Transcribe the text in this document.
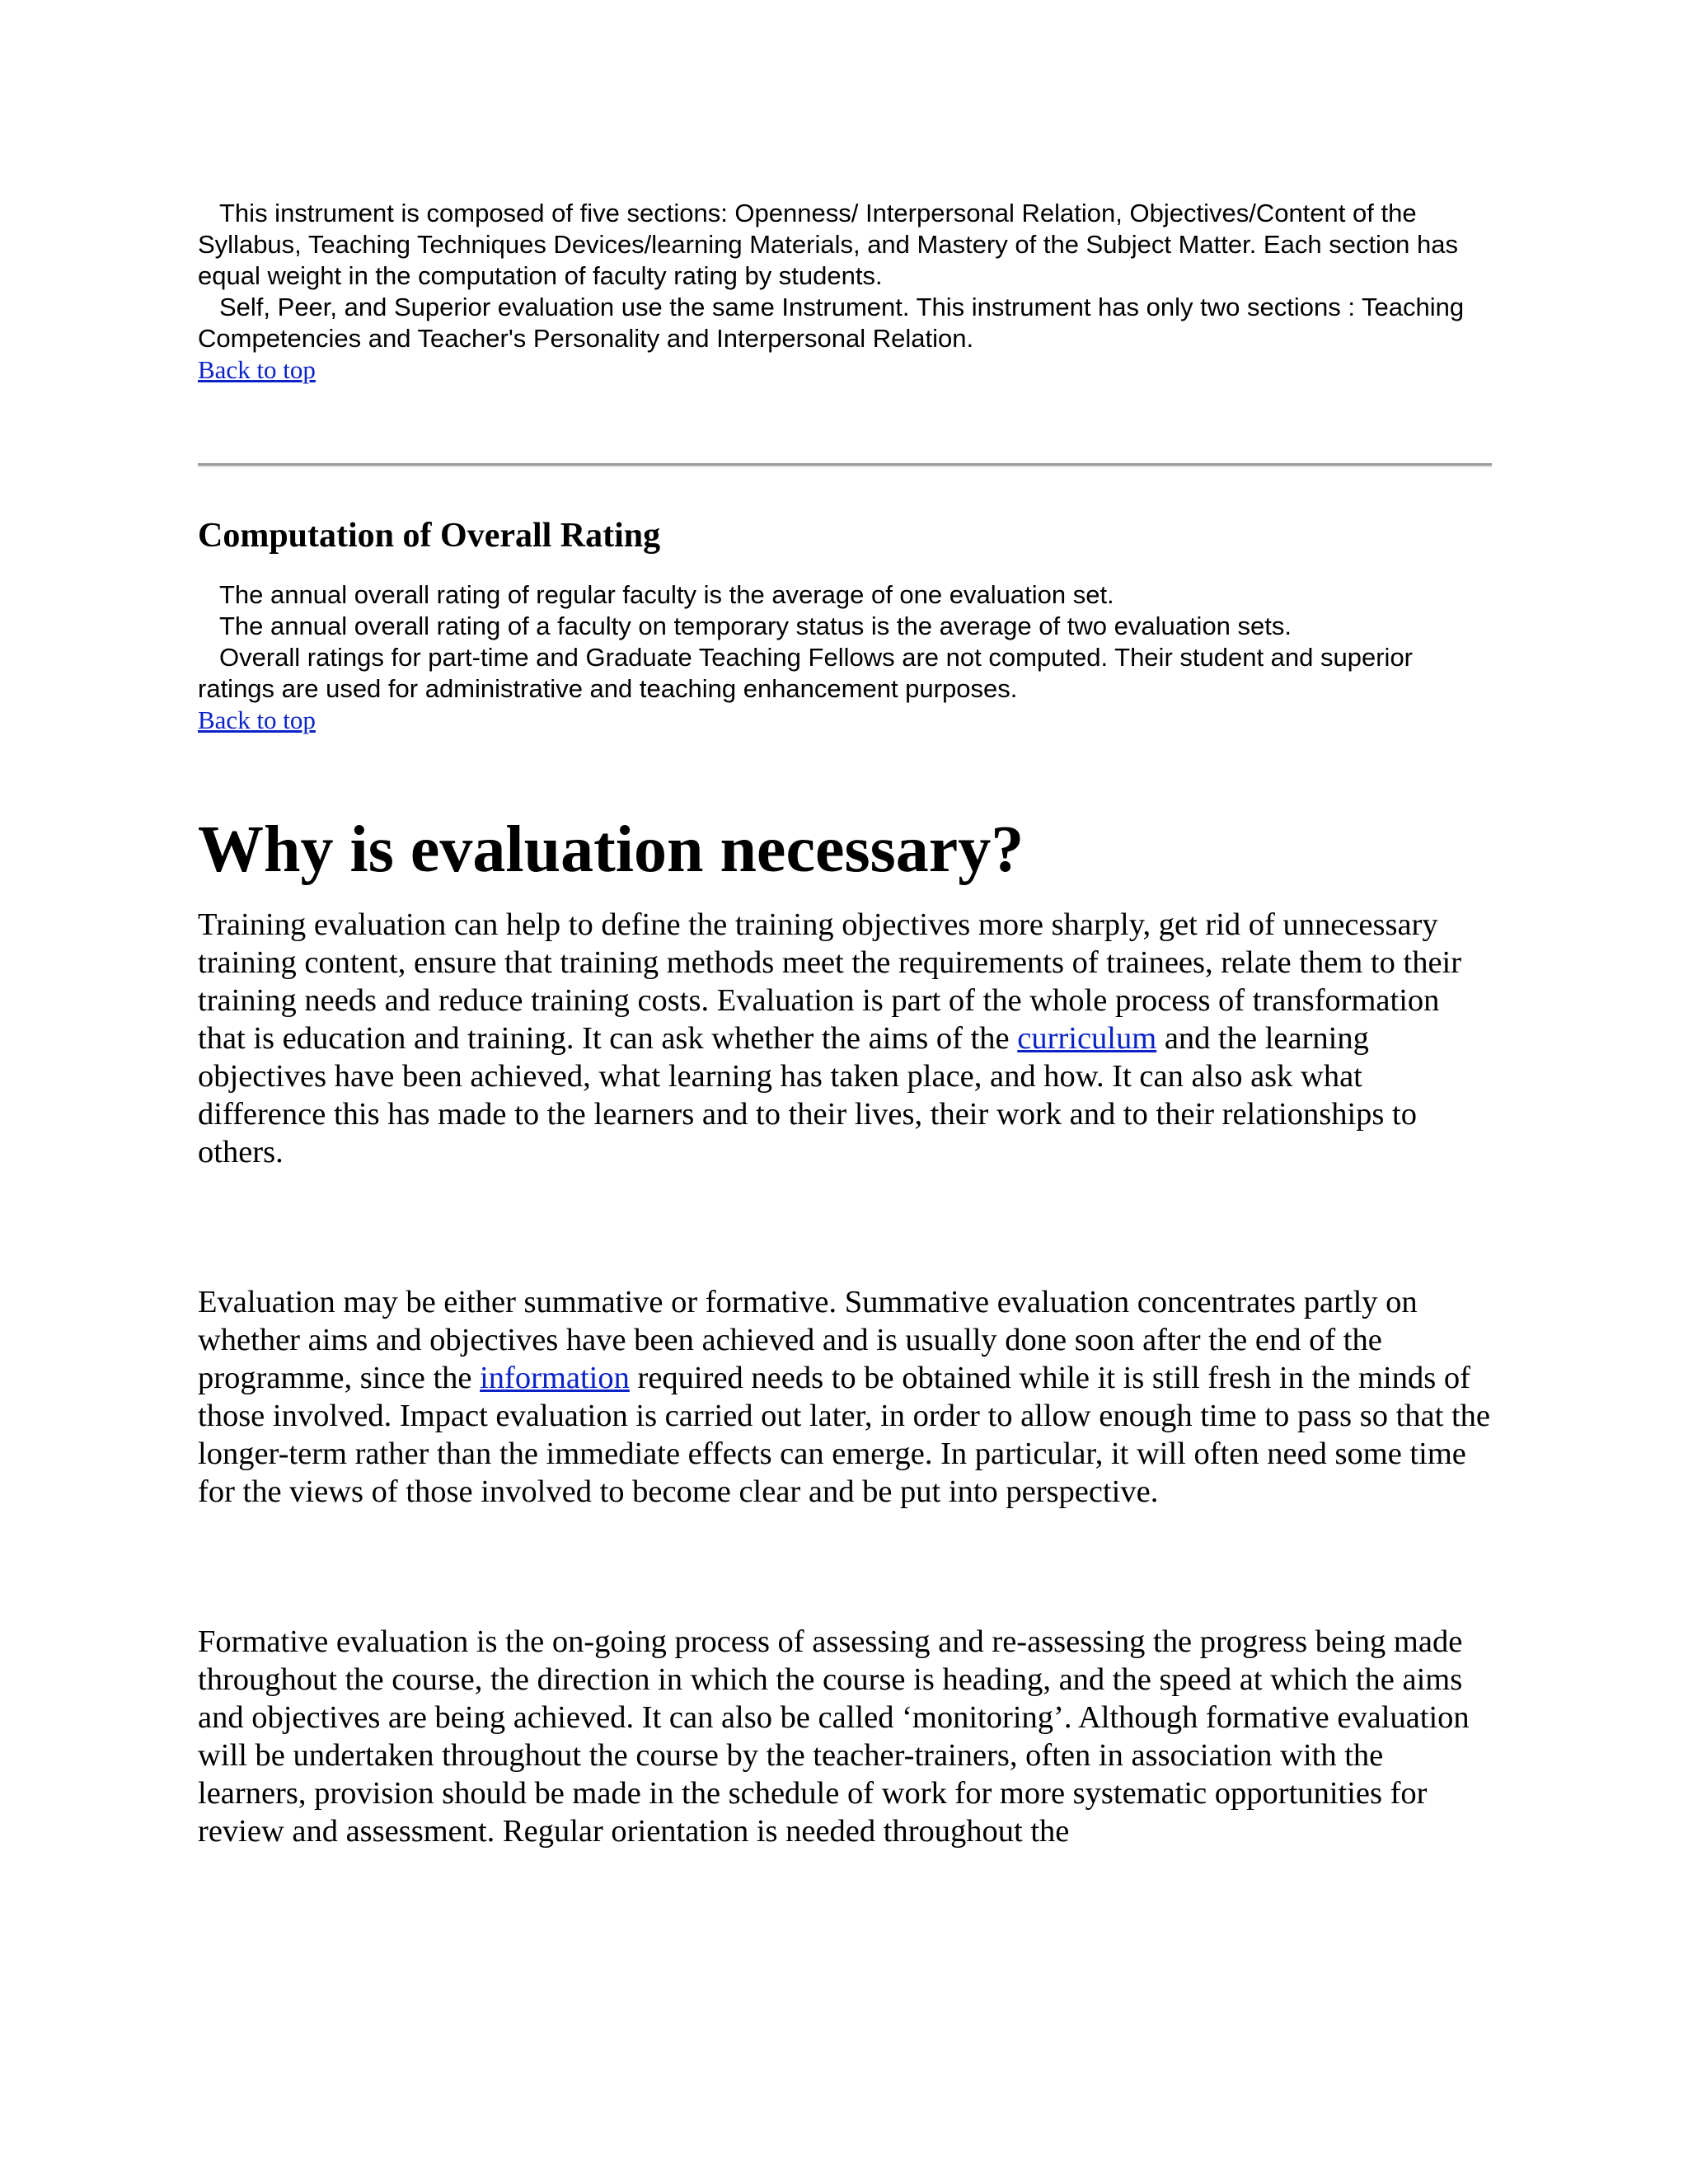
This instrument is composed of five sections: Openness/ Interpersonal Relation, Objectives/Content of the Syllabus, Teaching Techniques Devices/learning Materials, and Mastery of the Subject Matter. Each section has equal weight in the computation of faculty rating by students.

Self, Peer, and Superior evaluation use the same Instrument. This instrument has only two sections : Teaching Competencies and Teacher's Personality and Interpersonal Relation.

Back to top
Computation of Overall Rating

The annual overall rating of regular faculty is the average of one evaluation set.

The annual overall rating of a faculty on temporary status is the average of two evaluation sets.

Overall ratings for part-time and Graduate Teaching Fellows are not computed. Their student and superior ratings are used for administrative and teaching enhancement purposes.

Back to top
Why is evaluation necessary?

Training evaluation can help to define the training objectives more sharply, get rid of unnecessary training content, ensure that training methods meet the requirements of trainees, relate them to their training needs and reduce training costs. Evaluation is part of the whole process of transformation that is education and training. It can ask whether the aims of the curriculum and the learning objectives have been achieved, what learning has taken place, and how. It can also ask what difference this has made to the learners and to their lives, their work and to their relationships to others.

Evaluation may be either summative or formative. Summative evaluation concentrates partly on whether aims and objectives have been achieved and is usually done soon after the end of the programme, since the information required needs to be obtained while it is still fresh in the minds of those involved. Impact evaluation is carried out later, in order to allow enough time to pass so that the longer-term rather than the immediate effects can emerge. In particular, it will often need some time for the views of those involved to become clear and be put into perspective.

Formative evaluation is the on-going process of assessing and re-assessing the progress being made throughout the course, the direction in which the course is heading, and the speed at which the aims and objectives are being achieved. It can also be called ‘monitoring’. Although formative evaluation will be undertaken throughout the course by the teacher-trainers, often in association with the learners, provision should be made in the schedule of work for more systematic opportunities for review and assessment. Regular orientation is needed throughout the
